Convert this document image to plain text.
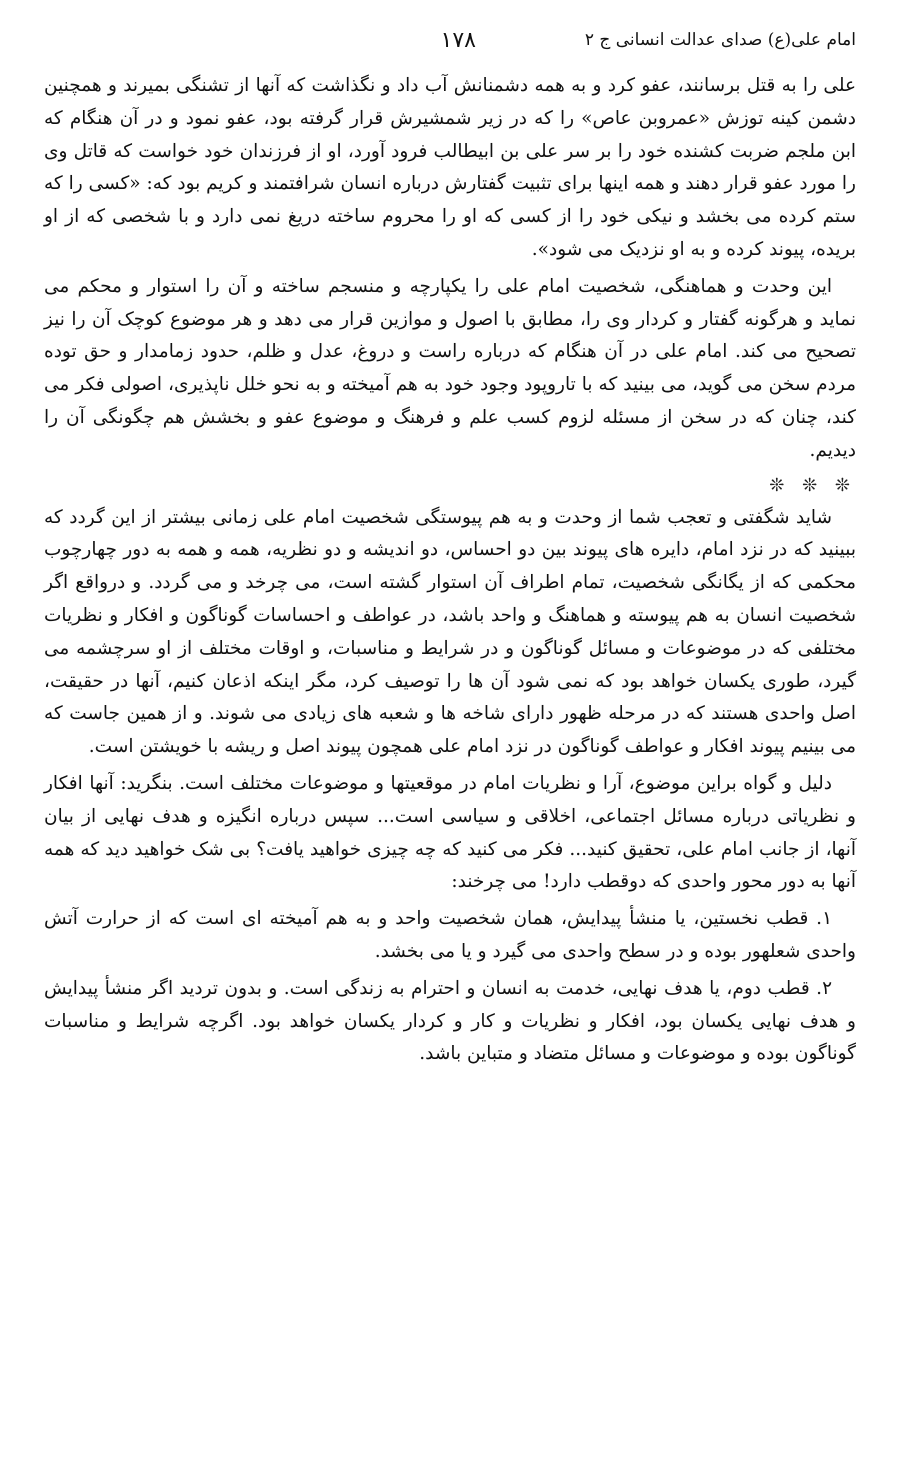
امام علی(ع) صدای عدالت انسانی ج ۲
۱۷۸

علی را به قتل برسانند، عفو کرد و به همه دشمنانش آب داد و نگذاشت که آنها از تشنگی بمیرند و همچنین دشمن کینه توزش «عمروبن عاص» را که در زیر شمشیرش قرار گرفته بود، عفو نمود و در آن هنگام که ابن ملجم ضربت کشنده خود را بر سر علی بن ابیطالب فرود آورد، او از فرزندان خود خواست که قاتل وی را مورد عفو قرار دهند و همه اینها برای تثبیت گفتارش درباره انسان شرافتمند و کریم بود که: «کسی را که ستم کرده می بخشد و نیکی خود را از کسی که او را محروم ساخته دریغ نمی دارد و با شخصی که از او بریده، پیوند کرده و به او نزدیک می شود».

این وحدت و هماهنگی، شخصیت امام علی را یکپارچه و منسجم ساخته و آن را استوار و محکم می نماید و هرگونه گفتار و کردار وی را، مطابق با اصول و موازین قرار می دهد و هر موضوع کوچک آن را نیز تصحیح می کند. امام علی در آن هنگام که درباره راست و دروغ، عدل و ظلم، حدود زمامدار و حق توده مردم سخن می گوید، می بینید که با تاروپود وجود خود به هم آمیخته و به نحو خلل ناپذیری، اصولی فکر می کند، چنان که در سخن از مسئله لزوم کسب علم و فرهنگ و موضوع عفو و بخشش هم چگونگی آن را دیدیم.

❊ ❊ ❊

شاید شگفتی و تعجب شما از وحدت و به هم پیوستگی شخصیت امام علی زمانی بیشتر از این گردد که ببینید که در نزد امام، دایره های پیوند بین دو احساس، دو اندیشه و دو نظریه، همه و همه به دور چهارچوب محکمی که از یگانگی شخصیت، تمام اطراف آن استوار گشته است، می چرخد و می گردد. و درواقع اگر شخصیت انسان به هم پیوسته و هماهنگ و واحد باشد، در عواطف و احساسات گوناگون و افکار و نظریات مختلفی که در موضوعات و مسائل گوناگون و در شرایط و مناسبات، و اوقات مختلف از او سرچشمه می گیرد، طوری یکسان خواهد بود که نمی شود آن ها را توصیف کرد، مگر اینکه اذعان کنیم، آنها در حقیقت، اصل واحدی هستند که در مرحله ظهور دارای شاخه ها و شعبه های زیادی می شوند. و از همین جاست که می بینیم پیوند افکار و عواطف گوناگون در نزد امام علی همچون پیوند اصل و ریشه با خویشتن است.

دلیل و گواه براین موضوع، آرا و نظریات امام در موقعیتها و موضوعات مختلف است. بنگرید: آنها افکار و نظریاتی درباره مسائل اجتماعی، اخلاقی و سیاسی است... سپس درباره انگیزه و هدف نهایی از بیان آنها، از جانب امام علی، تحقیق کنید... فکر می کنید که چه چیزی خواهید یافت؟ بی شک خواهید دید که همه آنها به دور محور واحدی که دوقطب دارد! می چرخند:

۱. قطب نخستین، یا منشأ پیدایش، همان شخصیت واحد و به هم آمیخته ای است که از حرارت آتش واحدی شعلهور بوده و در سطح واحدی می گیرد و یا می بخشد.

۲. قطب دوم، یا هدف نهایی، خدمت به انسان و احترام به زندگی است. و بدون تردید اگر منشأ پیدایش و هدف نهایی یکسان بود، افکار و نظریات و کار و کردار یکسان خواهد بود. اگرچه شرایط و مناسبات گوناگون بوده و موضوعات و مسائل متضاد و متباین باشد.
